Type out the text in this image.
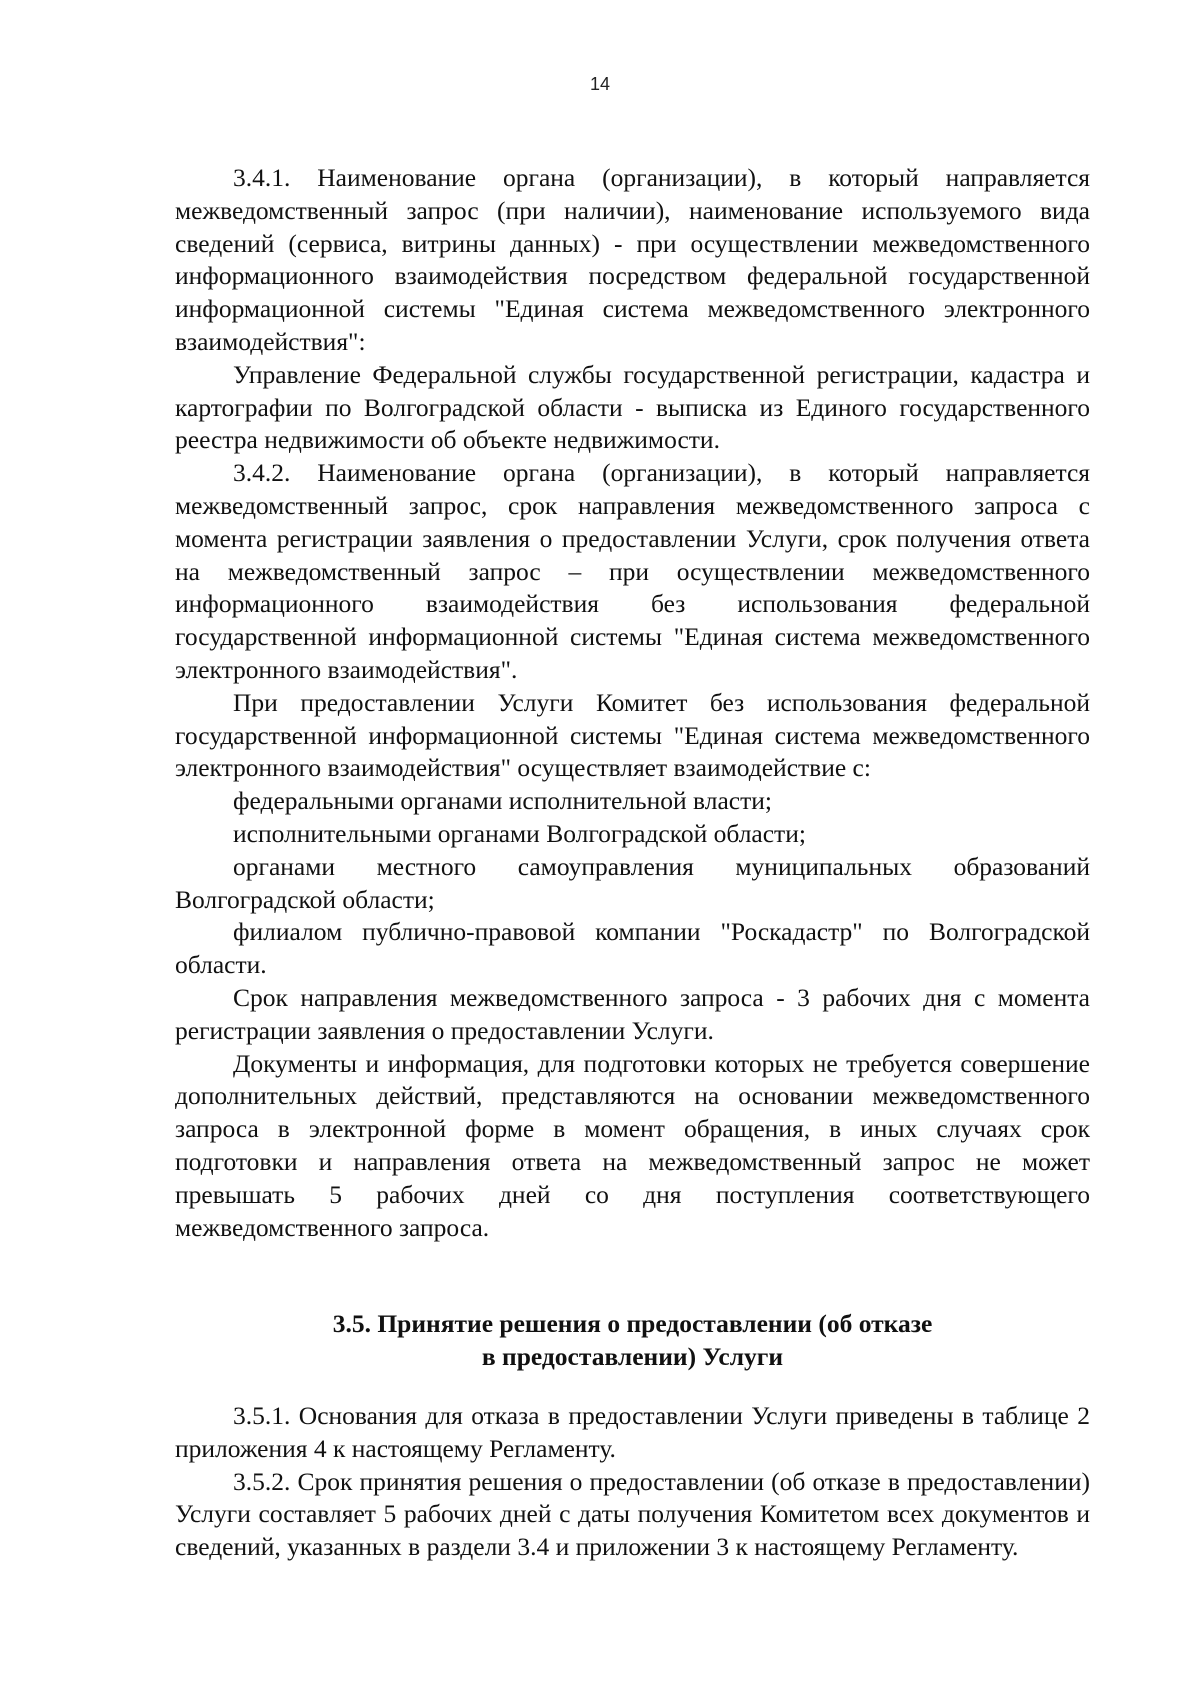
14

3.4.1. Наименование органа (организации), в который направляется межведомственный запрос (при наличии), наименование используемого вида сведений (сервиса, витрины данных) - при осуществлении межведомственного информационного взаимодействия посредством федеральной государственной информационной системы "Единая система межведомственного электронного взаимодействия":

Управление Федеральной службы государственной регистрации, кадастра и картографии по Волгоградской области - выписка из Единого государственного реестра недвижимости об объекте недвижимости.

3.4.2. Наименование органа (организации), в который направляется межведомственный запрос, срок направления межведомственного запроса с момента регистрации заявления о предоставлении Услуги, срок получения ответа на межведомственный запрос – при осуществлении межведомственного информационного взаимодействия без использования федеральной государственной информационной системы "Единая система межведомственного электронного взаимодействия".

При предоставлении Услуги Комитет без использования федеральной государственной информационной системы "Единая система межведомственного электронного взаимодействия" осуществляет взаимодействие с:

федеральными органами исполнительной власти;

исполнительными органами Волгоградской области;

органами местного самоуправления муниципальных образований Волгоградской области;

филиалом публично-правовой компании "Роскадастр" по Волгоградской области.

Срок направления межведомственного запроса - 3 рабочих дня с момента регистрации заявления о предоставлении Услуги.

Документы и информация, для подготовки которых не требуется совершение дополнительных действий, представляются на основании межведомственного запроса в электронной форме в момент обращения, в иных случаях срок подготовки и направления ответа на межведомственный запрос не может превышать 5 рабочих дней со дня поступления соответствующего межведомственного запроса.

3.5. Принятие решения о предоставлении (об отказе
в предоставлении) Услуги

3.5.1. Основания для отказа в предоставлении Услуги приведены в таблице 2 приложения 4 к настоящему Регламенту.

3.5.2. Срок принятия решения о предоставлении (об отказе в предоставлении) Услуги составляет 5 рабочих дней с даты получения Комитетом всех документов и сведений, указанных в раздели 3.4 и приложении 3 к настоящему Регламенту.
